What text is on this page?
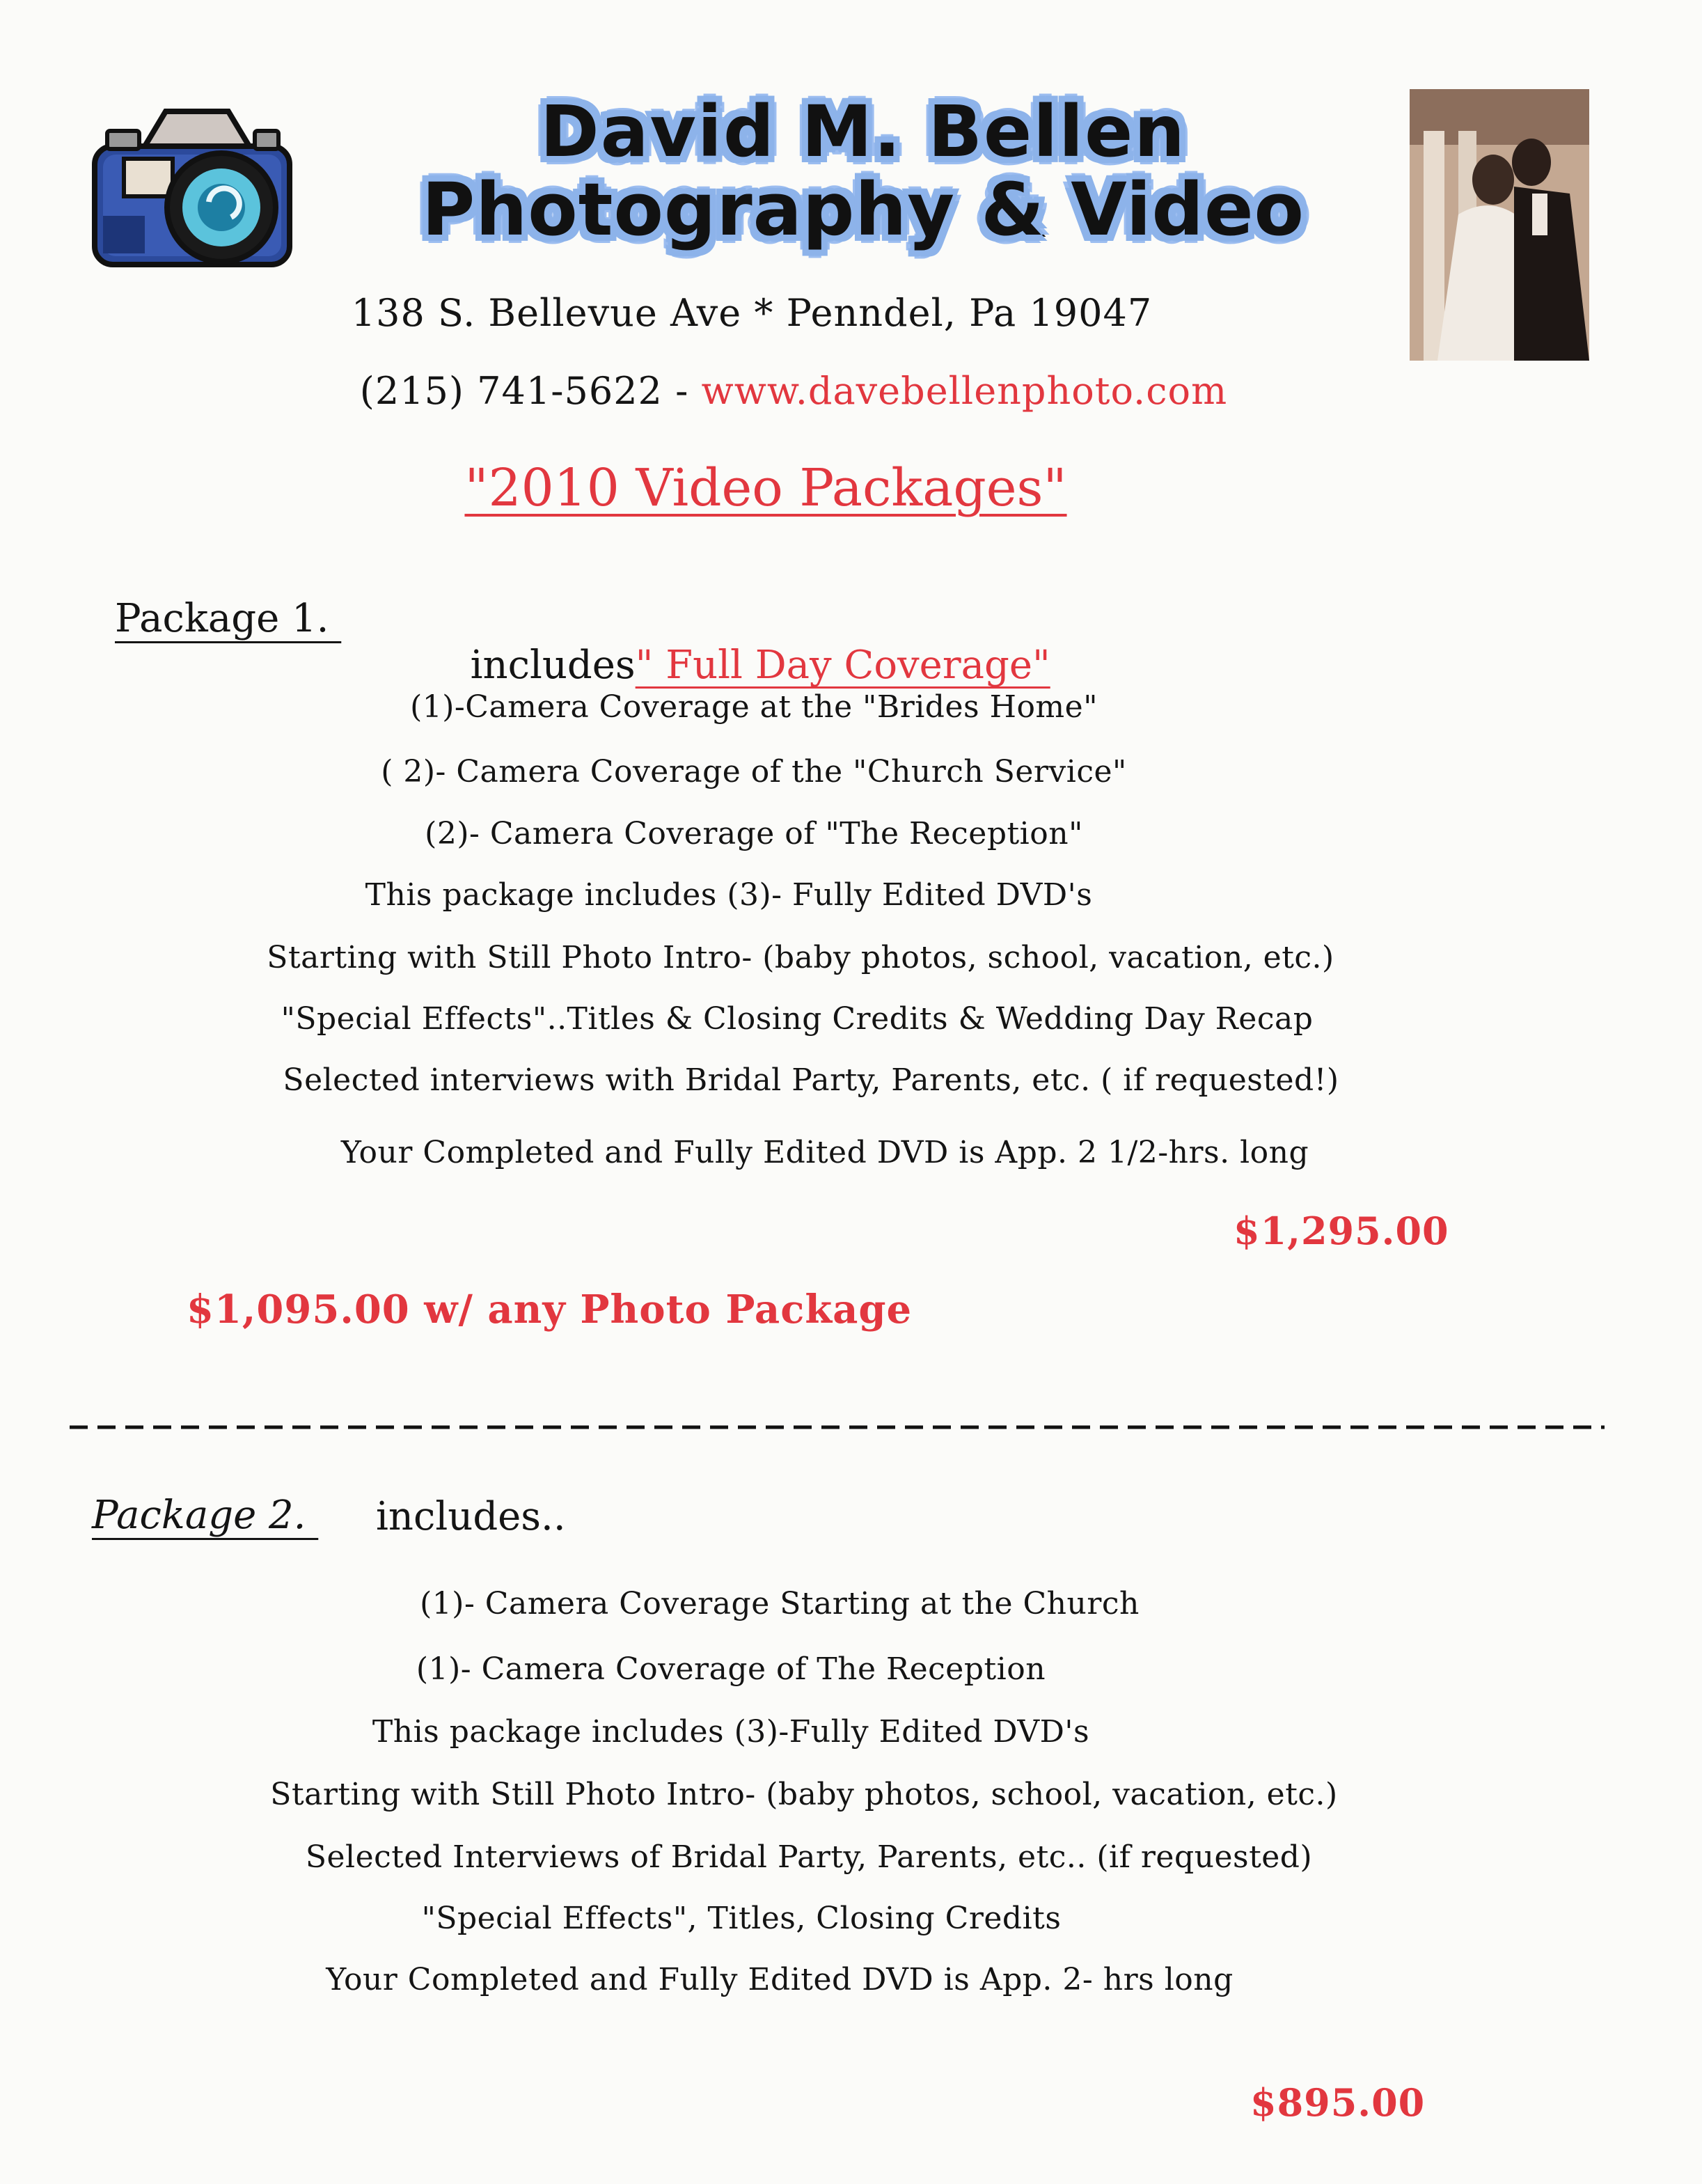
David M. Bellen
Photography & Video
138 S. Bellevue Ave * Penndel, Pa 19047
(215) 741-5622 - www.davebellenphoto.com
"2010 Video Packages"
Package 1.

includes" Full Day Coverage"

(1)-Camera Coverage at the "Brides Home"
( 2)- Camera Coverage of the "Church Service"
(2)- Camera Coverage of "The Reception"
This package includes (3)- Fully Edited DVD's
Starting with Still Photo Intro- (baby photos, school, vacation, etc.)
"Special Effects"..Titles & Closing Credits & Wedding Day Recap
Selected interviews with Bridal Party, Parents, etc. ( if requested!)
Your Completed and Fully Edited DVD is App. 2 1/2-hrs. long
$1,295.00
$1,095.00 w/ any Photo Package
Package 2. includes..
(1)- Camera Coverage Starting at the Church
(1)- Camera Coverage of The Reception
This package includes (3)-Fully Edited DVD's
Starting with Still Photo Intro- (baby photos, school, vacation, etc.)
Selected Interviews of Bridal Party, Parents, etc.. (if requested)
"Special Effects", Titles, Closing Credits
Your Completed and Fully Edited DVD is App. 2- hrs long
$895.00
